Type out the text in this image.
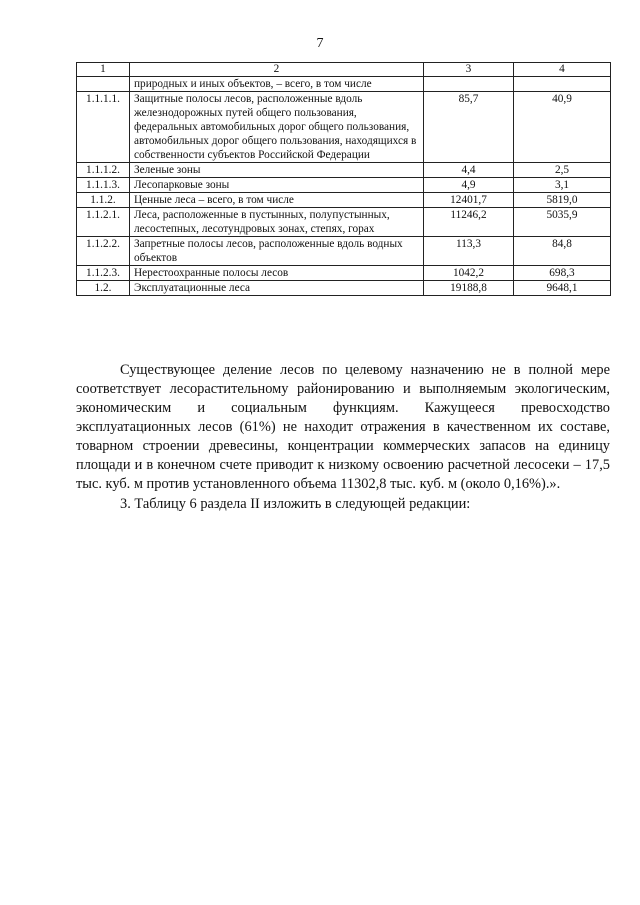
7
1	2	3	4
	природных и иных объектов, – всего, в том числе		
1.1.1.1.	Защитные полосы лесов, расположенные вдоль железнодорожных путей общего пользования, федеральных автомобильных дорог общего пользования, автомобильных дорог общего пользования, находящихся в собственности субъектов Российской Федерации	85,7	40,9
1.1.1.2.	Зеленые зоны	4,4	2,5
1.1.1.3.	Лесопарковые зоны	4,9	3,1
1.1.2.	Ценные леса – всего, в том числе	12401,7	5819,0
1.1.2.1.	Леса, расположенные в пустынных, полупустынных, лесостепных, лесотундровых зонах, степях, горах	11246,2	5035,9
1.1.2.2.	Запретные полосы лесов, расположенные вдоль водных объектов	113,3	84,8
1.1.2.3.	Нерестоохранные полосы лесов	1042,2	698,3
1.2.	Эксплуатационные леса	19188,8	9648,1
Существующее деление лесов по целевому назначению не в полной мере соответствует лесорастительному районированию и выполняемым экологическим, экономическим и социальным функциям. Кажущееся превосходство эксплуатационных лесов (61%) не находит отражения в качественном их составе, товарном строении древесины, концентрации коммерческих запасов на единицу площади и в конечном счете приводит к низкому освоению расчетной лесосеки – 17,5 тыс. куб. м против установленного объема 11302,8 тыс. куб. м (около 0,16%).».
3. Таблицу 6 раздела II изложить в следующей редакции:
